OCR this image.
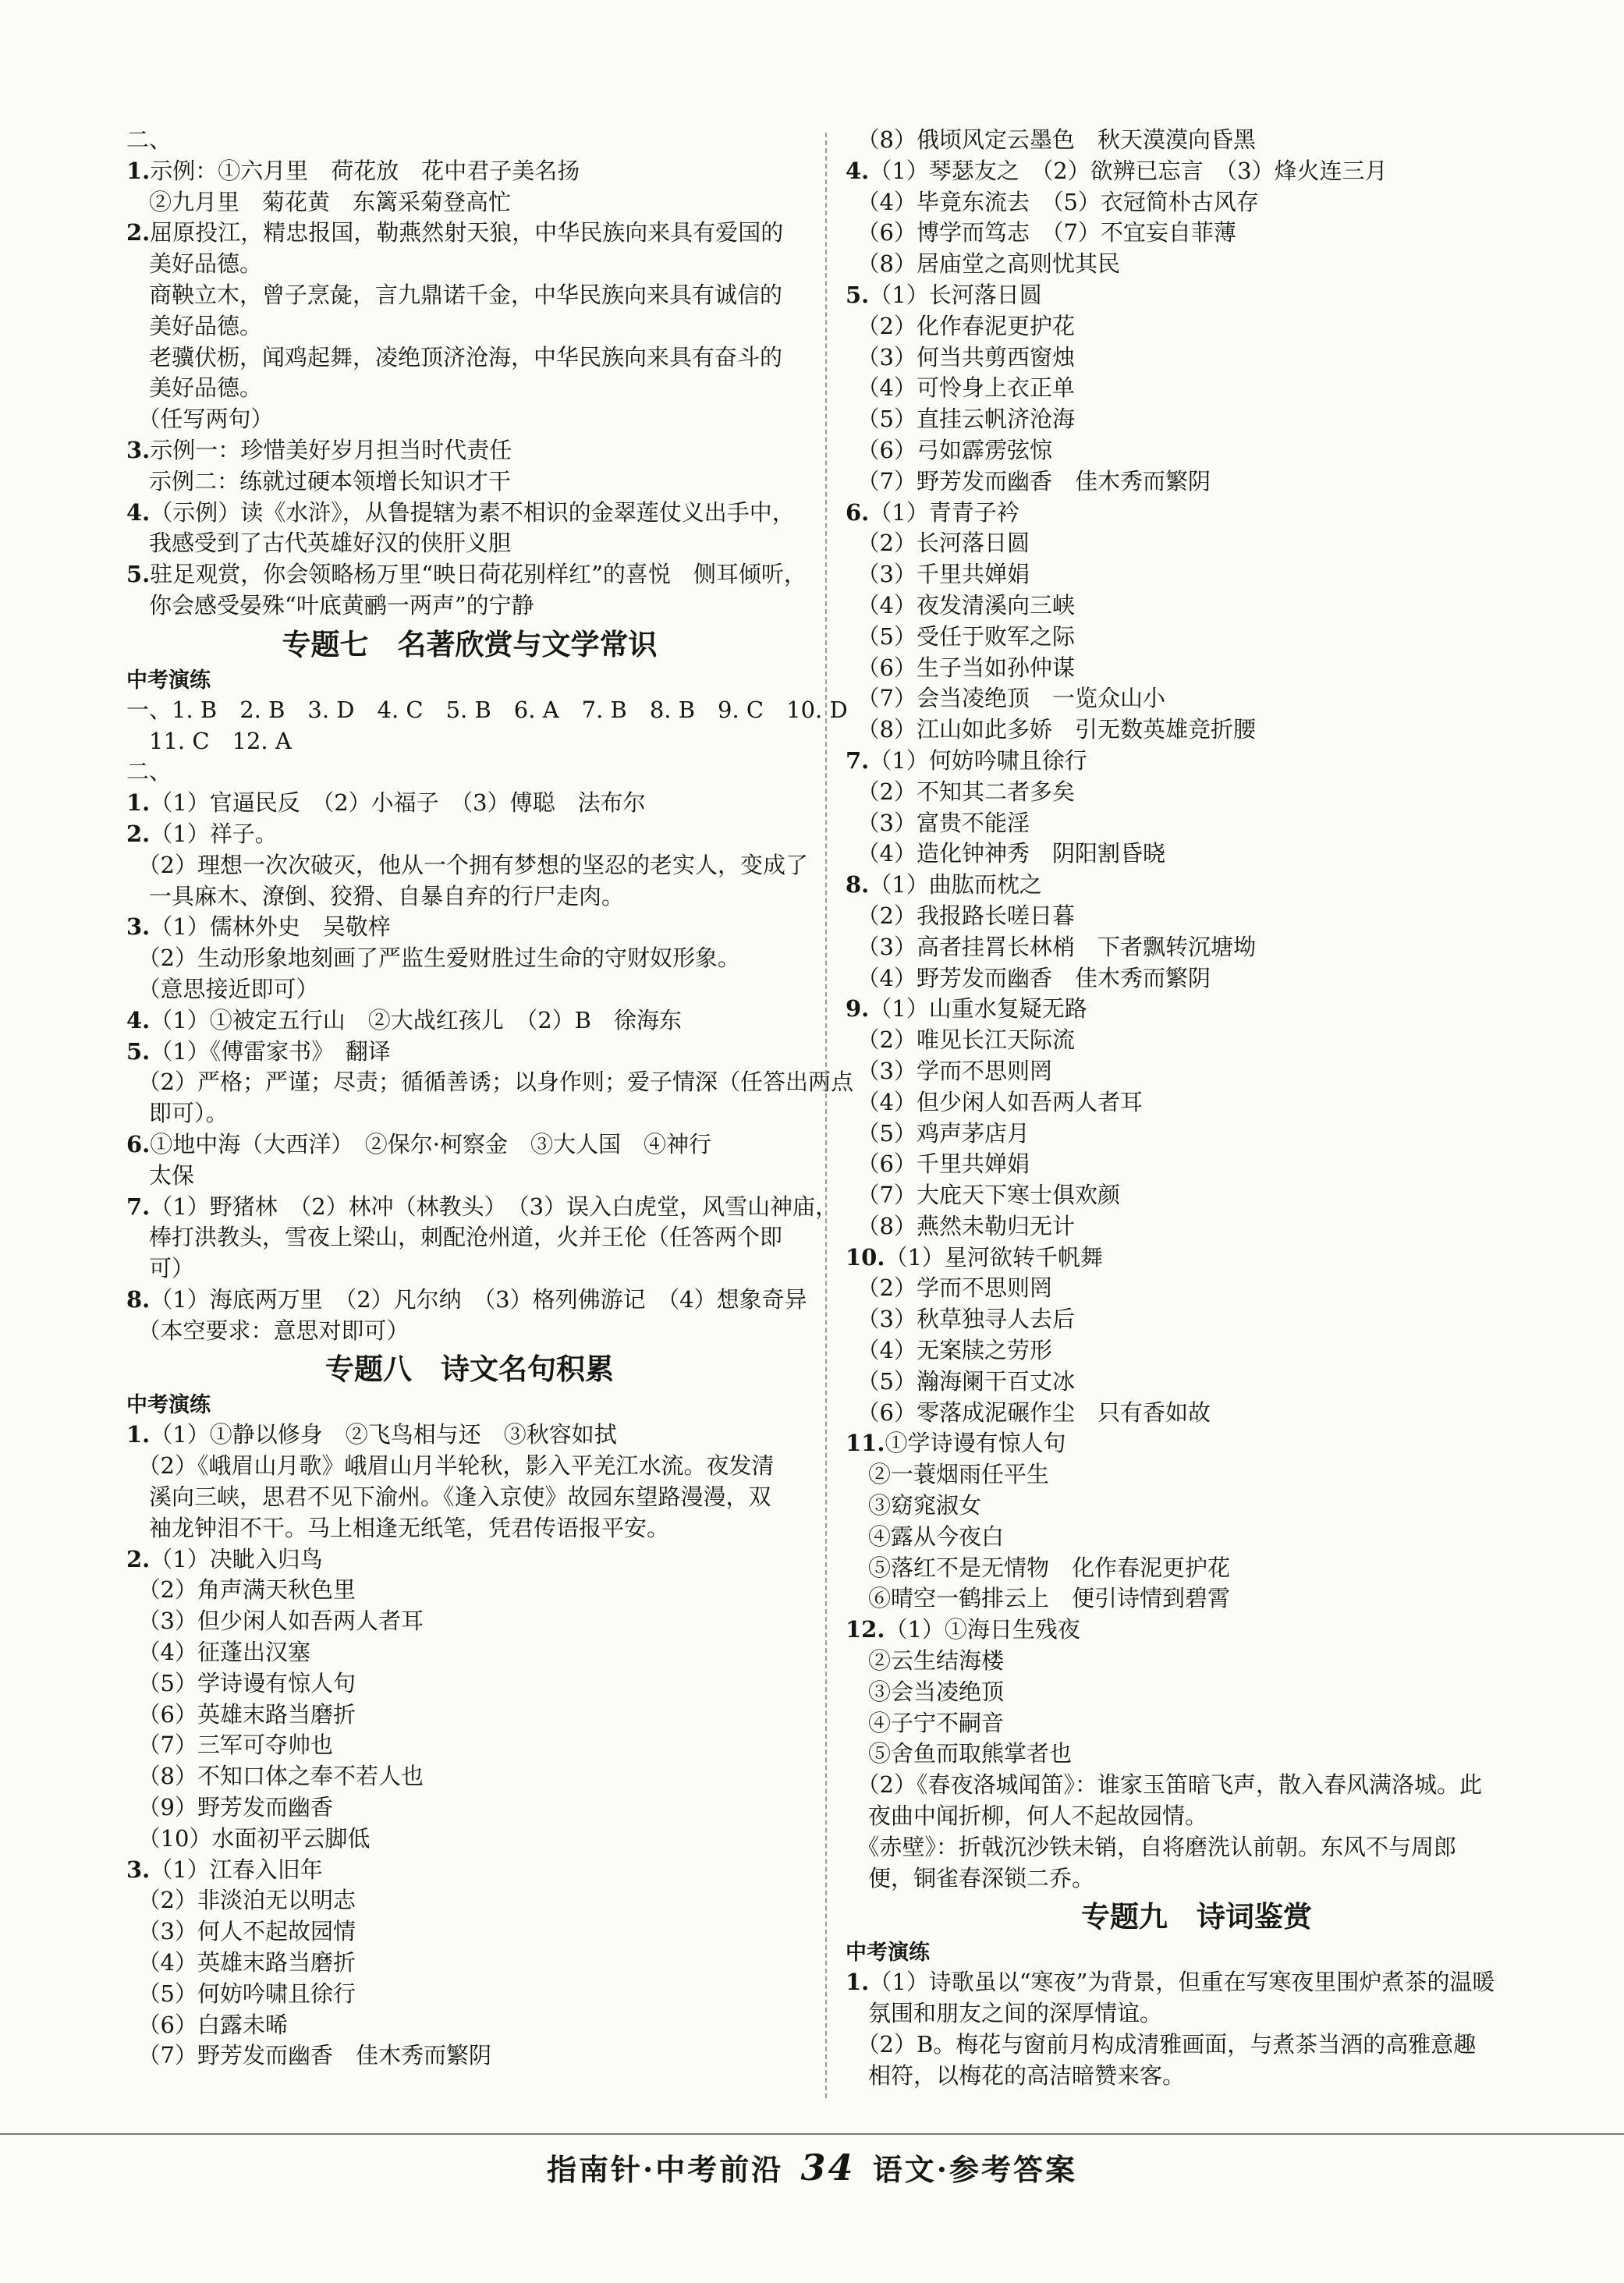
二、
1.示例：①六月里　荷花放　花中君子美名扬
　②九月里　菊花黄　东篱采菊登高忙
2.屈原投江，精忠报国，勒燕然射天狼，中华民族向来具有爱国的
　美好品德。
　商鞅立木，曾子烹彘，言九鼎诺千金，中华民族向来具有诚信的
　美好品德。
　老骥伏枥，闻鸡起舞，凌绝顶济沧海，中华民族向来具有奋斗的
　美好品德。
　（任写两句）
3.示例一：珍惜美好岁月担当时代责任
　示例二：练就过硬本领增长知识才干
4.（示例）读《水浒》，从鲁提辖为素不相识的金翠莲仗义出手中，
　我感受到了古代英雄好汉的侠肝义胆
5.驻足观赏，你会领略杨万里“映日荷花别样红”的喜悦　侧耳倾听，
　你会感受晏殊“叶底黄鹂一两声”的宁静
专题七　名著欣赏与文学常识
中考演练
一、1. B　2. B　3. D　4. C　5. B　6. A　7. B　8. B　9. C　10. D
　11. C　12. A
二、
1.（1）官逼民反　（2）小福子　（3）傅聪　法布尔
2.（1）祥子。
　（2）理想一次次破灭，他从一个拥有梦想的坚忍的老实人，变成了
　一具麻木、潦倒、狡猾、自暴自弃的行尸走肉。
3.（1）儒林外史　吴敬梓
　（2）生动形象地刻画了严监生爱财胜过生命的守财奴形象。
　（意思接近即可）
4.（1）①被定五行山　②大战红孩儿　（2）B　徐海东
5.（1）《傅雷家书》　翻译
　（2）严格；严谨；尽责；循循善诱；以身作则；爱子情深（任答出两点
　即可）。
6.①地中海（大西洋）　②保尔·柯察金　③大人国　④神行
　太保
7.（1）野猪林　（2）林冲（林教头）　（3）误入白虎堂，风雪山神庙，
　棒打洪教头，雪夜上梁山，刺配沧州道，火并王伦（任答两个即
　可）
8.（1）海底两万里　（2）凡尔纳　（3）格列佛游记　（4）想象奇异
　（本空要求：意思对即可）
专题八　诗文名句积累
中考演练
1.（1）①静以修身　②飞鸟相与还　③秋容如拭
　（2）《峨眉山月歌》峨眉山月半轮秋，影入平羌江水流。夜发清
　溪向三峡，思君不见下渝州。《逢入京使》故园东望路漫漫，双
　袖龙钟泪不干。马上相逢无纸笔，凭君传语报平安。
2.（1）决眦入归鸟
　（2）角声满天秋色里
　（3）但少闲人如吾两人者耳
　（4）征蓬出汉塞
　（5）学诗谩有惊人句
　（6）英雄末路当磨折
　（7）三军可夺帅也
　（8）不知口体之奉不若人也
　（9）野芳发而幽香
　（10）水面初平云脚低
3.（1）江春入旧年
　（2）非淡泊无以明志
　（3）何人不起故园情
　（4）英雄末路当磨折
　（5）何妨吟啸且徐行
　（6）白露未晞
　（7）野芳发而幽香　佳木秀而繁阴
　（8）俄顷风定云墨色　秋天漠漠向昏黑
4.（1）琴瑟友之　（2）欲辨已忘言　（3）烽火连三月
　（4）毕竟东流去　（5）衣冠简朴古风存
　（6）博学而笃志　（7）不宜妄自菲薄
　（8）居庙堂之高则忧其民
5.（1）长河落日圆
　（2）化作春泥更护花
　（3）何当共剪西窗烛
　（4）可怜身上衣正单
　（5）直挂云帆济沧海
　（6）弓如霹雳弦惊
　（7）野芳发而幽香　佳木秀而繁阴
6.（1）青青子衿
　（2）长河落日圆
　（3）千里共婵娟
　（4）夜发清溪向三峡
　（5）受任于败军之际
　（6）生子当如孙仲谋
　（7）会当凌绝顶　一览众山小
　（8）江山如此多娇　引无数英雄竞折腰
7.（1）何妨吟啸且徐行
　（2）不知其二者多矣
　（3）富贵不能淫
　（4）造化钟神秀　阴阳割昏晓
8.（1）曲肱而枕之
　（2）我报路长嗟日暮
　（3）高者挂罥长林梢　下者飘转沉塘坳
　（4）野芳发而幽香　佳木秀而繁阴
9.（1）山重水复疑无路
　（2）唯见长江天际流
　（3）学而不思则罔
　（4）但少闲人如吾两人者耳
　（5）鸡声茅店月
　（6）千里共婵娟
　（7）大庇天下寒士俱欢颜
　（8）燕然未勒归无计
10.（1）星河欲转千帆舞
　（2）学而不思则罔
　（3）秋草独寻人去后
　（4）无案牍之劳形
　（5）瀚海阑干百丈冰
　（6）零落成泥碾作尘　只有香如故
11.①学诗谩有惊人句
　②一蓑烟雨任平生
　③窈窕淑女
　④露从今夜白
　⑤落红不是无情物　化作春泥更护花
　⑥晴空一鹤排云上　便引诗情到碧霄
12.（1）①海日生残夜
　②云生结海楼
　③会当凌绝顶
　④子宁不嗣音
　⑤舍鱼而取熊掌者也
　（2）《春夜洛城闻笛》：谁家玉笛暗飞声，散入春风满洛城。此
　夜曲中闻折柳，何人不起故园情。
　《赤壁》：折戟沉沙铁未销，自将磨洗认前朝。东风不与周郎
　便，铜雀春深锁二乔。
专题九　诗词鉴赏
中考演练
1.（1）诗歌虽以“寒夜”为背景，但重在写寒夜里围炉煮茶的温暖
　氛围和朋友之间的深厚情谊。
　（2）B。梅花与窗前月构成清雅画面，与煮茶当酒的高雅意趣
　相符，以梅花的高洁暗赞来客。
指南针·中考前沿 34 语文·参考答案
